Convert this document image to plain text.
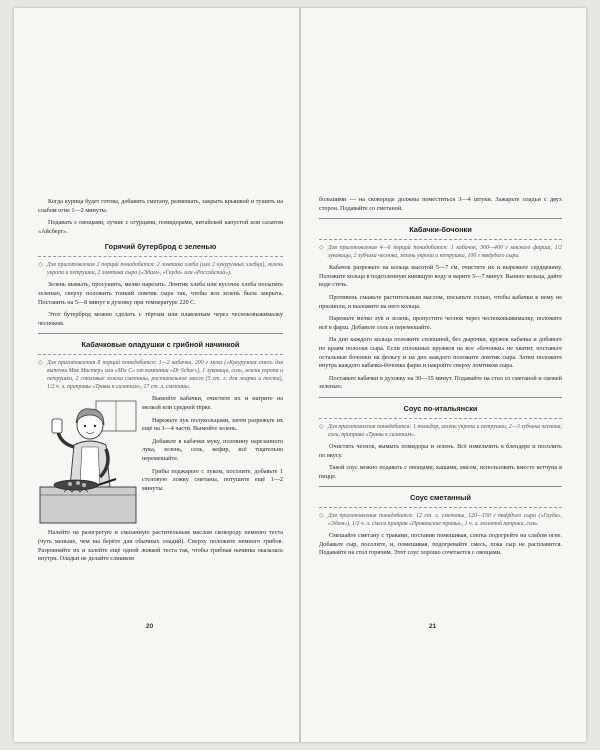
Когда курица будет готова, добавить сметану, размешать, закрыть крышкой и тушить на слабом огне 1—2 минуты.

Подавать с овощами, лучше с огурцами, помидорами, китайской капустой или салатом «Айсберг».

Горячий бутерброд с зеленью
◇ Для приготовления 2 порций понадобится: 2 ломтика хлеба (или 2 кукурузных хлебца), зелень укропа и петрушки, 2 ломтика сыра («Эдам», «Гауда» или «Российский»).

Зелень вымыть, просушить, мелко нарезать. Ломтик хлеба или кусочек хлеба посыпать зеленью, сверху положить тонкий ломтик сыра так, чтобы вся зелень была закрыта. Поставить на 5—8 минут в духовку при температуре 220 С.

Этот бутерброд можно сделать с тёртым или плавленым через чесноковыжималку чесноком.

Кабачковые оладушки с грибной начинкой
◇ Для приготовления 8 порций понадобится: 1—2 кабачка, 200 г муки («Кукурузная смесь для выпечки Мак Мастер» или «Mix C» от компании «Dr Schar»), 1 луковица, соль, зелень укропа и петрушки, 2 столовые ложки сметаны, растительное масло (5 ст. л. для жарки и теста), 1/2 ч. л. приправы «Травы к салатам», 17 ст. л. сметаны.

Вымойте кабачки, очистите их и натрите на мелкой или средней тёрке.

Нарежьте лук полукольцами, затем разрежьте их ещё на 3—4 части. Вымойте зелень.

Добавьте в кабачки муку, половину нарезанного лука, зелень, соль, кефир, всё тщательно перемешайте.

Грибы поджарьте с луком, посолите, добавьте 1 столовую ложку сметаны, потушите ещё 1—2 минуты.

Налейте на разогретую и смазанную растительным маслом сковороду немного теста (чуть меньше, чем вы берёте для обычных оладий). Сверху положите немного грибов. Разровняйте их и залейте ещё одной ложкой теста так, чтобы грибная начинка оказалась внутри. Оладьи не делайте слишком

20

большими — на сковороде должны поместиться 3—4 штуки. Зажарьте оладьи с двух сторон. Подавайте со сметаной.

Кабачки-бочонки
◇ Для приготовления 4—6 порций понадобится: 1 кабачок, 300—400 г мясного фарша, 1/2 луковицы, 2 зубчика чеснока, зелень укропа и петрушки, 100 г твёрдого сыра.

Кабачок разрежьте на кольца высотой 5—7 см, очистите их и вырежьте сердцевину. Положите кольца в подсоленную кипящую воду и варите 5—7 минут. Выньте кольца, дайте воде стечь.

Противень смажьте растительным маслом, посыпьте солью, чтобы кабачки к нему не прилипли, и выложите на него кольца.

Нарежьте мелко лук и зелень, пропустите чеснок через чесноковыжималку, положите всё в фарш. Добавьте соль и перемешайте.

На дно каждого кольца положите сплошной, без дырочки, кружок кабачка и добавьте по краям полоски сыра. Если сплошных кружков на все «бочонки» не хватит, поставьте остальные бочонки на фольгу и на дно каждого положите ломтик сыра. Затем положите внутрь каждого кабачка-бочонка фарш и накройте сверху ломтиком сыра.

Поставьте кабачки в духовку на 30—35 минут. Подавайте на стол со сметаной и свежей зеленью.

Соус по-итальянски
◇ Для приготовления понадобится: 1 помидор, зелень укропа и петрушки, 2—3 зубчика чеснока, соль, приправа «Травы к салатам».

Очистить чеснок, вымыть помидоры и зелень. Всё измельчить в блендере и посолить по вкусу.

Такой соус можно подавать с овощами, кашами, мясом, использовать вместо кетчупа в пицце.

Соус сметанный
◇ Для приготовления понадобится: 12 ст. л. сметаны, 120—150 г твёрдого сыра («Гауда», «Эдам»), 1/2 ч. л. смеси приправ «Прованские травы», 1 ч. л. молотой паприки, соль.

Смешайте сметану с травами, поставив помешивая, слегка подогрейте на слабом огне. Добавьте сыр, посолите, и, помешивая, подогревайте смесь, пока сыр не расплавится. Подавайте на стол горячим. Этот соус хорошо сочетается с овощами.

21
